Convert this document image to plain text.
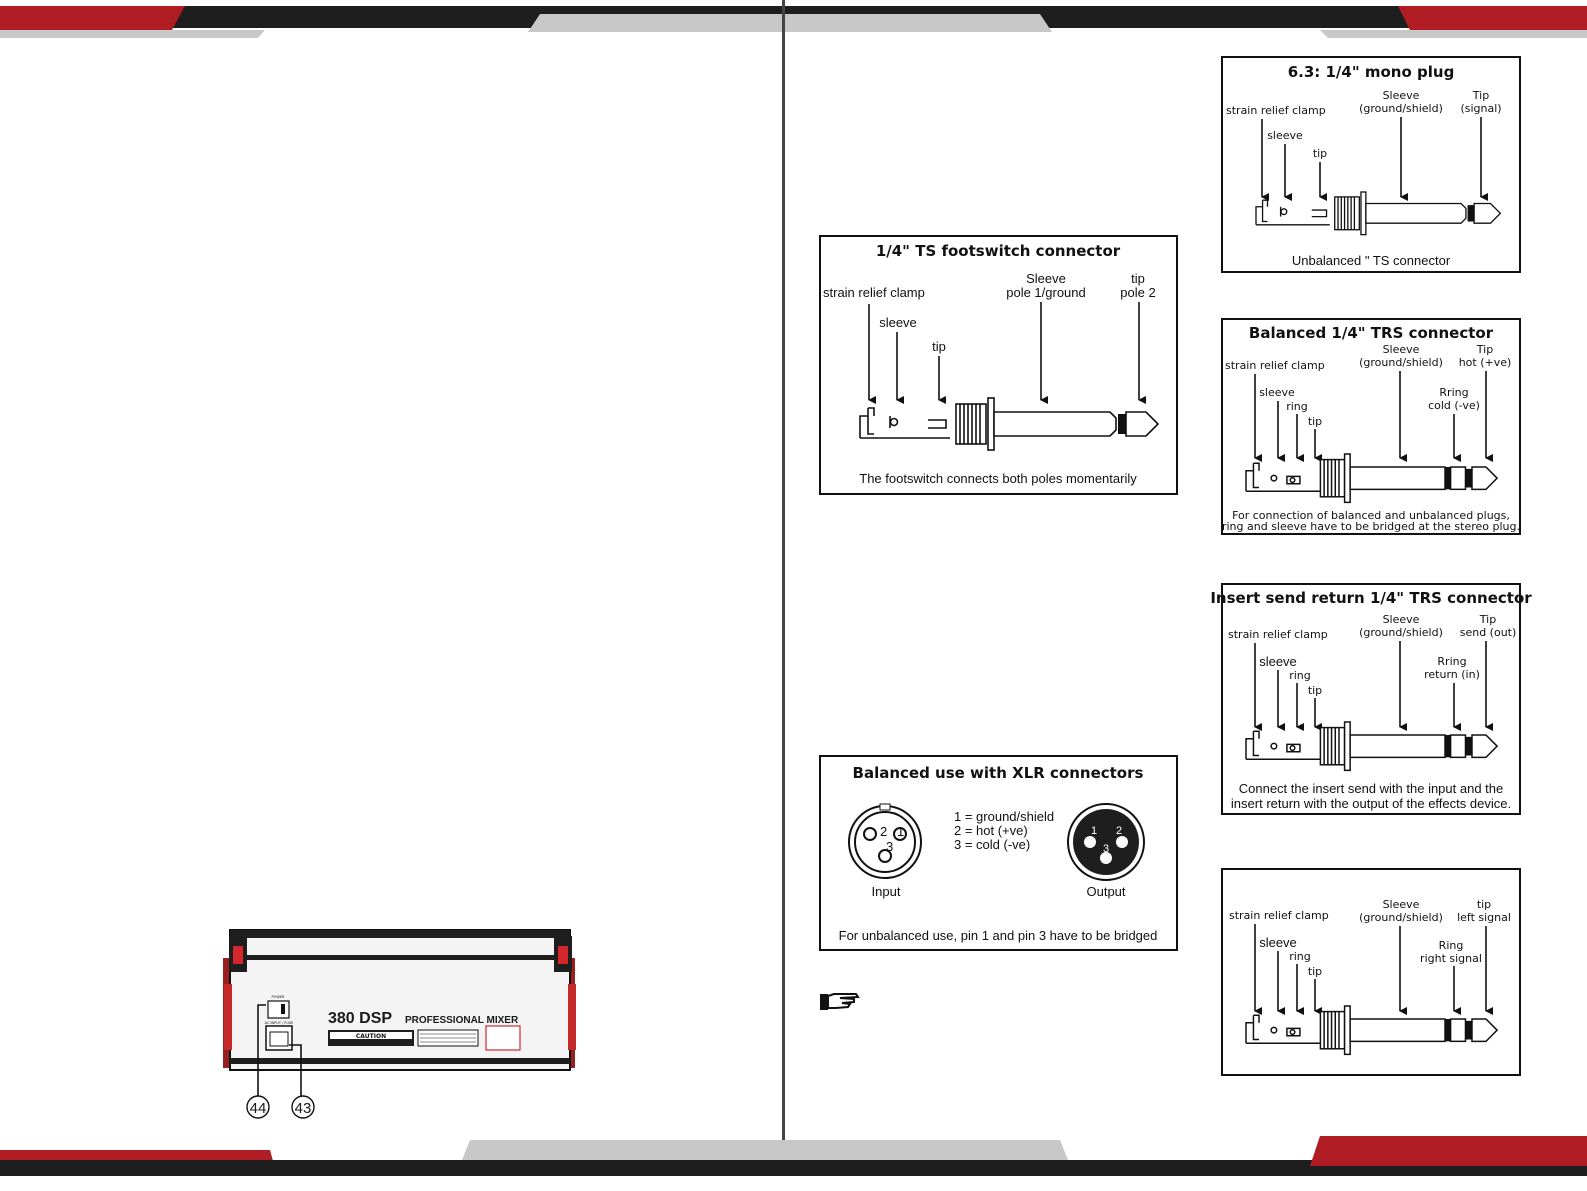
1/4" TS footswitch connector
strain relief clamp
sleeve
tip
Sleeve
pole 1/ground
tip
pole 2
The footswitch connects both poles momentarily
Balanced use with XLR connectors
2 1
3
Input
1 = ground/shield
2 = hot (+ve)
3 = cold (-ve)
1 2
3
Output
For unbalanced use, pin 1 and pin 3 have to be bridged
6.3: 1/4" mono plug
strain relief clamp
sleeve
tip
Sleeve
(ground/shield)
Tip
(signal)
Unbalanced " TS connector
Balanced 1/4" TRS connector
strain relief clamp
sleeve
ring
tip
Sleeve
(ground/shield)
Tip
hot (+ve)
Rring
cold (-ve)
For connection of balanced and unbalanced plugs,
ring and sleeve have to be bridged at the stereo plug.
Insert send return 1/4" TRS connector
strain relief clamp
sleeve
ring
tip
Sleeve
(ground/shield)
Tip
send (out)
Rring
return (in)
Connect the insert send with the input and the
insert return with the output of the effects device.
strain relief clamp
sleeve
ring
tip
Sleeve
(ground/shield)
tip
left signal
Ring
right signal
POWER
AC INPUT / FUSE 380 DSP PROFESSIONAL MIXER
CAUTION
44 43
